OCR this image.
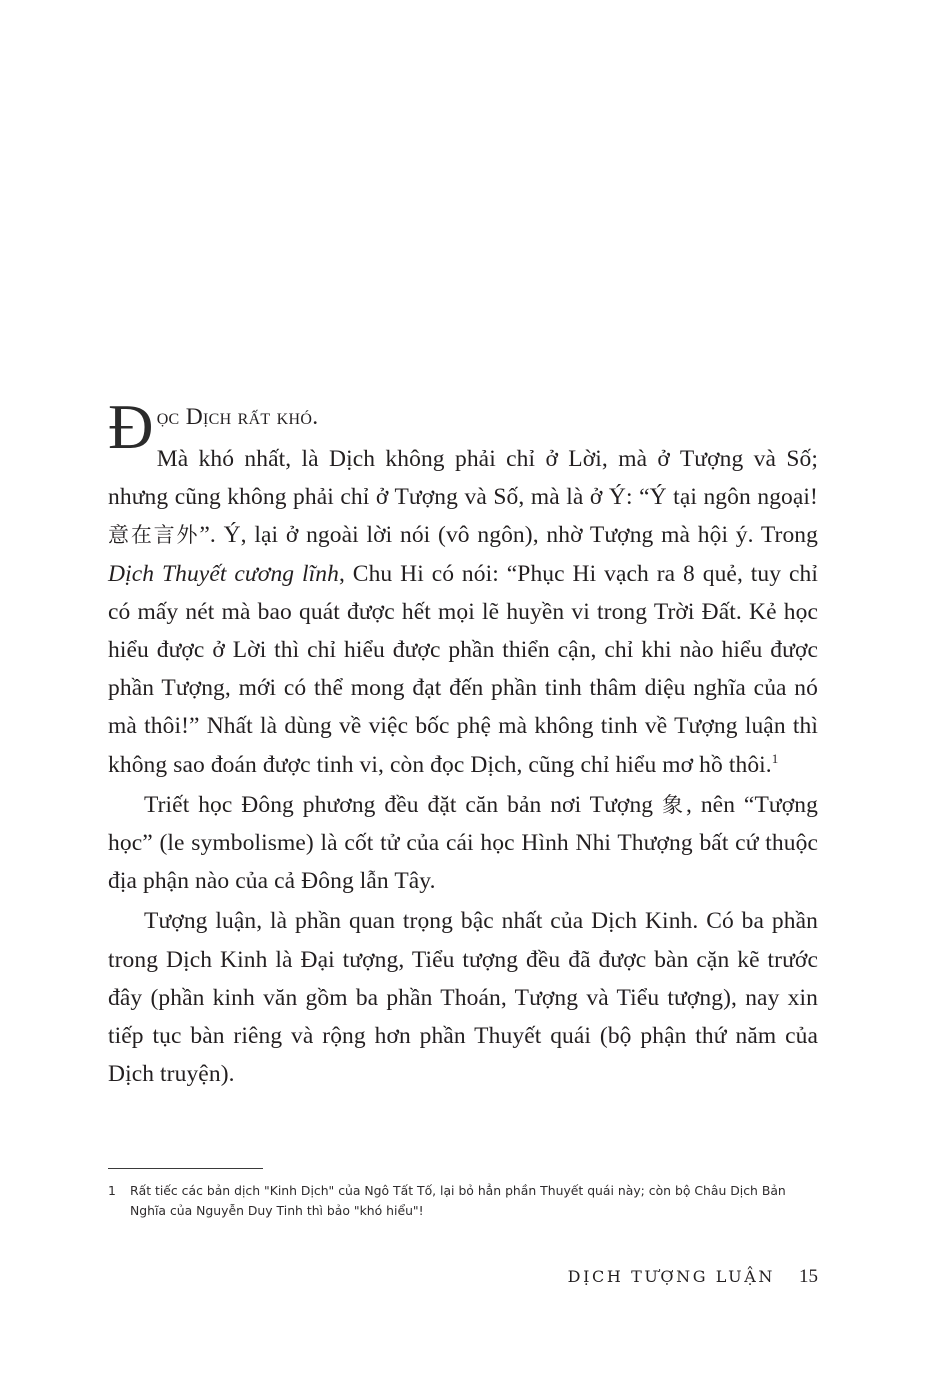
Đọc Dịch rất khó.

Mà khó nhất, là Dịch không phải chỉ ở Lời, mà ở Tượng và Số; nhưng cũng không phải chỉ ở Tượng và Số, mà là ở Ý: “Ý tại ngôn ngoại! 意在言外”. Ý, lại ở ngoài lời nói (vô ngôn), nhờ Tượng mà hội ý. Trong Dịch Thuyết cương lĩnh, Chu Hi có nói: “Phục Hi vạch ra 8 quẻ, tuy chỉ có mấy nét mà bao quát được hết mọi lẽ huyền vi trong Trời Đất. Kẻ học hiểu được ở Lời thì chỉ hiểu được phần thiển cận, chỉ khi nào hiểu được phần Tượng, mới có thể mong đạt đến phần tinh thâm diệu nghĩa của nó mà thôi!” Nhất là dùng về việc bốc phệ mà không tinh về Tượng luận thì không sao đoán được tinh vi, còn đọc Dịch, cũng chỉ hiểu mơ hồ thôi.$^1$

Triết học Đông phương đều đặt căn bản nơi Tượng 象, nên “Tượng học” (le symbolisme) là cốt tử của cái học Hình Nhi Thượng bất cứ thuộc địa phận nào của cả Đông lẫn Tây.

Tượng luận, là phần quan trọng bậc nhất của Dịch Kinh. Có ba phần trong Dịch Kinh là Đại tượng, Tiểu tượng đều đã được bàn cặn kẽ trước đây (phần kinh văn gồm ba phần Thoán, Tượng và Tiểu tượng), nay xin tiếp tục bàn riêng và rộng hơn phần Thuyết quái (bộ phận thứ năm của Dịch truyện).

1	Rất tiếc các bản dịch "Kinh Dịch" của Ngô Tất Tố, lại bỏ hẳn phần Thuyết quái này; còn bộ Châu Dịch Bản Nghĩa của Nguyễn Duy Tinh thì bảo "khó hiểu"!
DỊCH TƯỢNG LUẬN 15
